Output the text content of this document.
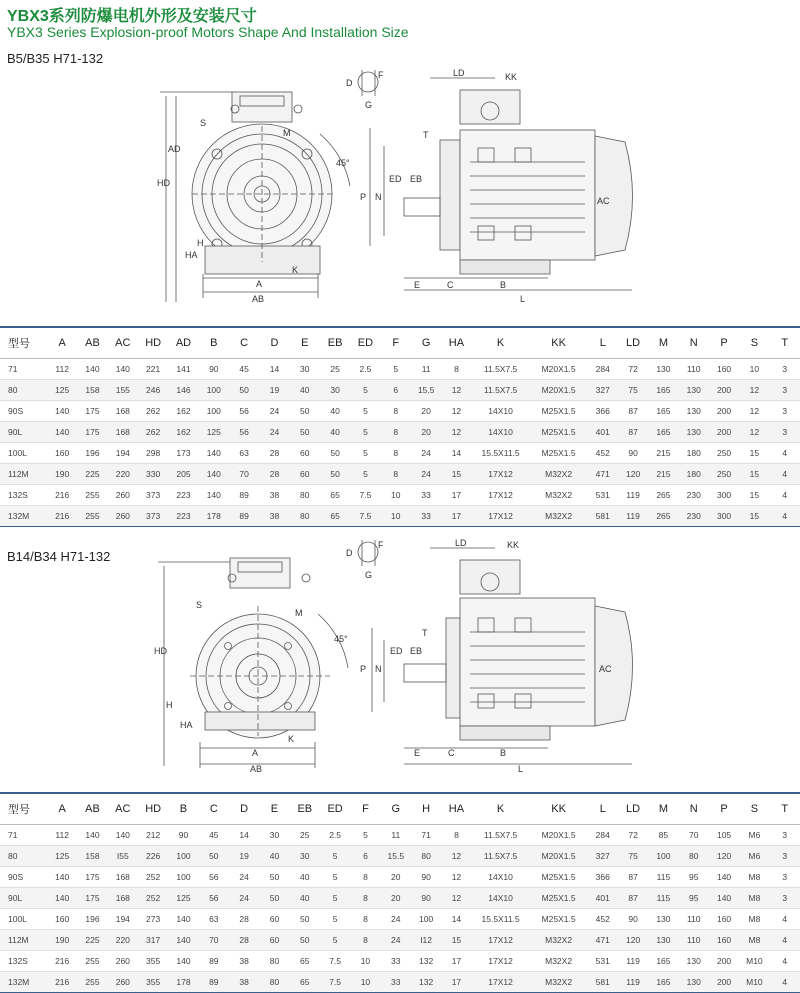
YBX3系列防爆电机外形及安装尺寸
YBX3 Series Explosion-proof Motors Shape And Installation Size
B5/B35 H71-132
AD
HD
S
M
45°
HA
H
K
A
AB
D
F
G
LD	KK
T
ED EB
P N	AC
E	C	B
L
型号	A	AB	AC	HD	AD	B	C	D	E	EB	ED	F	G	HA	K	KK	L	LD	M	N	P	S	T
71	112	140	140	221	141	90	45	14	30	25	2.5	5	11	8	11.5X7.5	M20X1.5	284	72	130	110	160	10	3
80	125	158	155	246	146	100	50	19	40	30	5	6	15.5	12	11.5X7.5	M20X1.5	327	75	165	130	200	12	3
90S	140	175	168	262	162	100	56	24	50	40	5	8	20	12	14X10	M25X1.5	366	87	165	130	200	12	3
90L	140	175	168	262	162	125	56	24	50	40	5	8	20	12	14X10	M25X1.5	401	87	165	130	200	12	3
100L	160	196	194	298	173	140	63	28	60	50	5	8	24	14	15.5X11.5	M25X1.5	452	90	215	180	250	15	4
112M	190	225	220	330	205	140	70	28	60	50	5	8	24	15	17X12	M32X2	471	120	215	180	250	15	4
132S	216	255	260	373	223	140	89	38	80	65	7.5	10	33	17	17X12	M32X2	531	119	265	230	300	15	4
132M	216	255	260	373	223	178	89	38	80	65	7.5	10	33	17	17X12	M32X2	581	119	265	230	300	15	4
B14/B34 H71-132
HD
S
M
45°
H
HA
K
A
AB
D
F
G
LD	KK
T
ED EB
P N	AC
E	C	B
L
型号	A	AB	AC	HD	B	C	D	E	EB	ED	F	G	H	HA	K	KK	L	LD	M	N	P	S	T
71	112	140	140	212	90	45	14	30	25	2.5	5	11	71	8	11.5X7.5	M20X1.5	284	72	85	70	105	M6	3
80	125	158	I55	226	100	50	19	40	30	5	6	15.5	80	12	11.5X7.5	M20X1.5	327	75	100	80	120	M6	3
90S	140	175	168	252	100	56	24	50	40	5	8	20	90	12	14X10	M25X1.5	366	87	115	95	140	M8	3
90L	140	175	168	252	125	56	24	50	40	5	8	20	90	12	14X10	M25X1.5	401	87	115	95	140	M8	3
100L	160	196	194	273	140	63	28	60	50	5	8	24	100	14	15.5X11.5	M25X1.5	452	90	130	110	160	M8	4
112M	190	225	220	317	140	70	28	60	50	5	8	24	I12	15	17X12	M32X2	471	120	130	110	160	M8	4
132S	216	255	260	355	140	89	38	80	65	7.5	10	33	132	17	17X12	M32X2	531	119	165	130	200	M10	4
132M	216	255	260	355	178	89	38	80	65	7.5	10	33	132	17	17X12	M32X2	581	119	165	130	200	M10	4
